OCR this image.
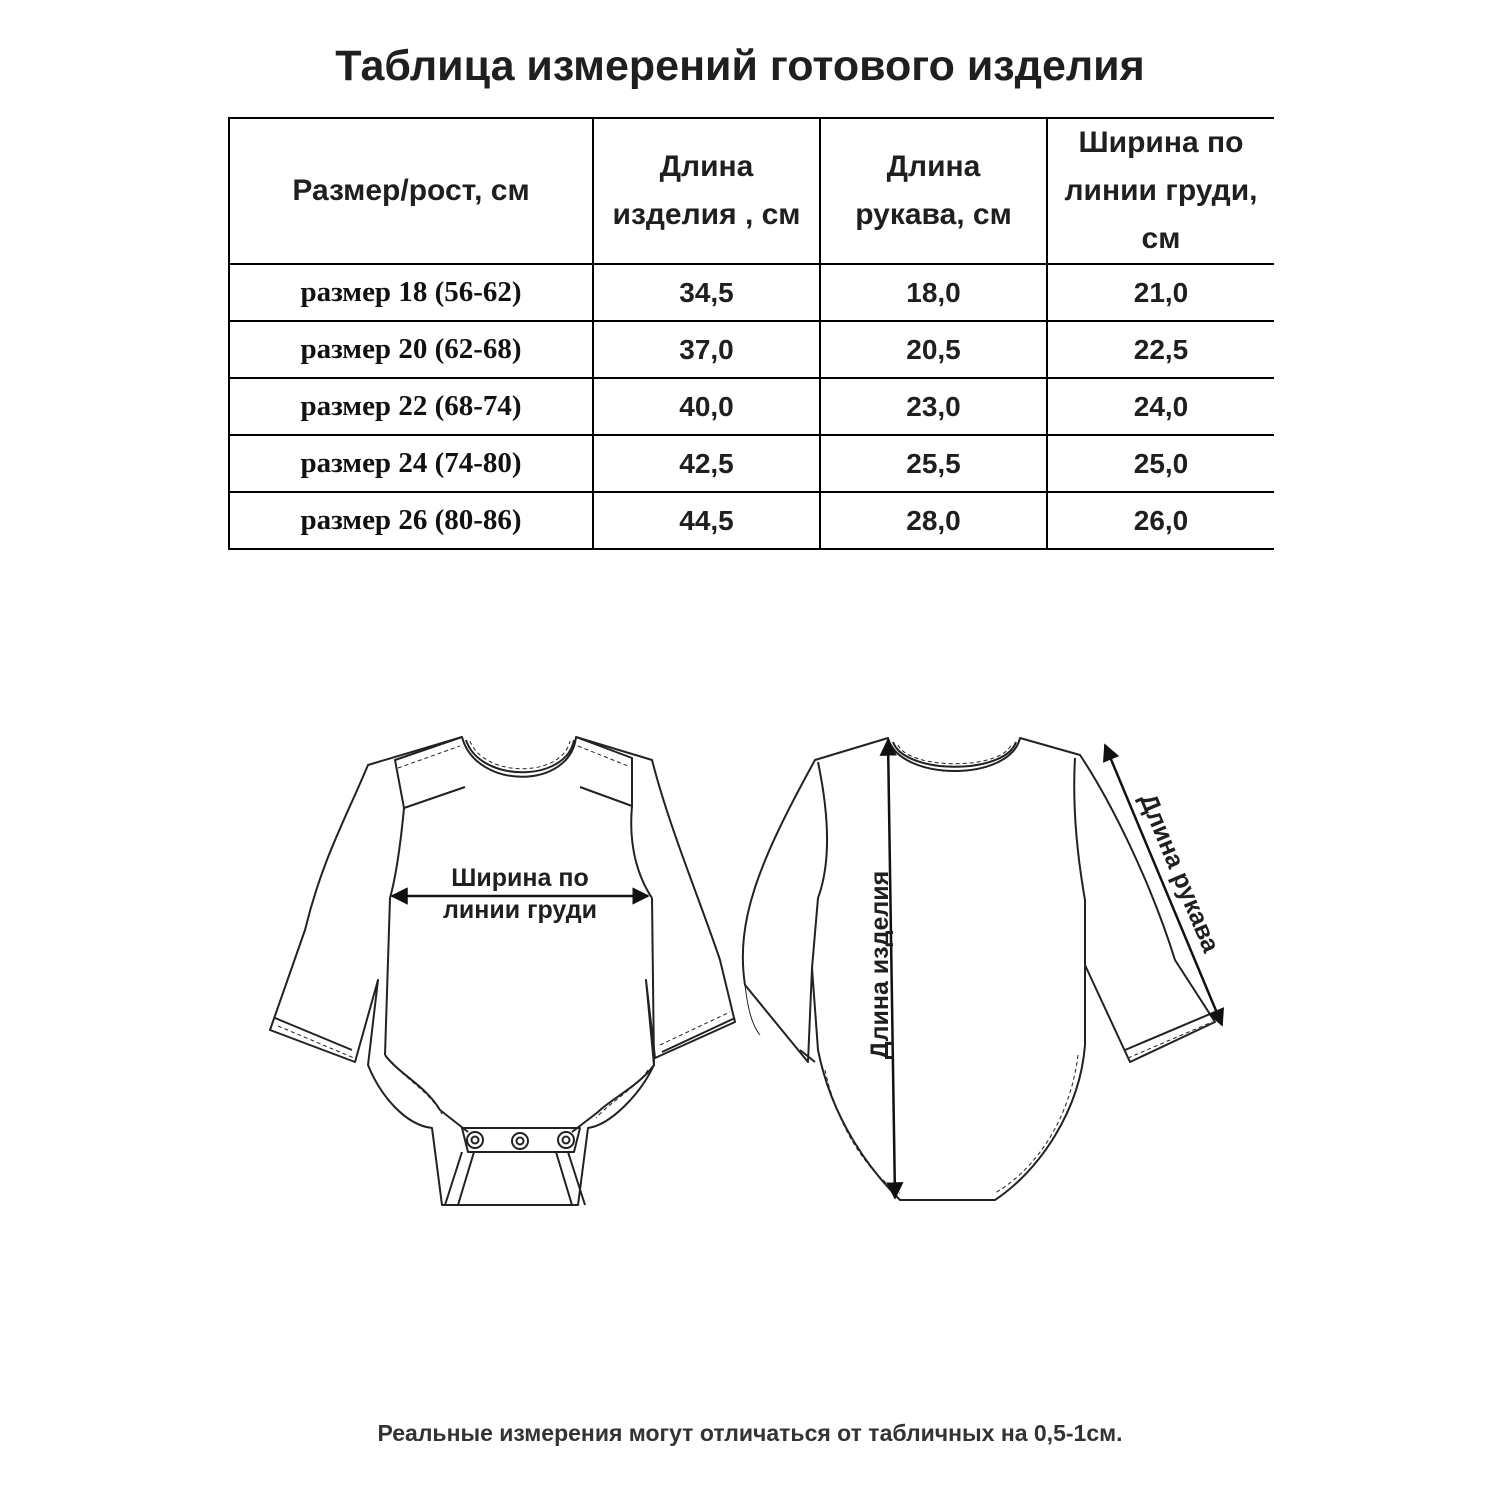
Таблица измерений готового изделия
Размер/рост, см	Длина изделия , см	Длина рукава, см	Ширина по линии груди, см
размер 18 (56-62)	34,5	18,0	21,0
размер 20 (62-68)	37,0	20,5	22,5
размер 22 (68-74)	40,0	23,0	24,0
размер 24 (74-80)	42,5	25,5	25,0
размер 26 (80-86)	44,5	28,0	26,0
Ширина по
линии груди	Длина изделия	Длина рукава
Реальные измерения могут отличаться от табличных на 0,5-1см.
